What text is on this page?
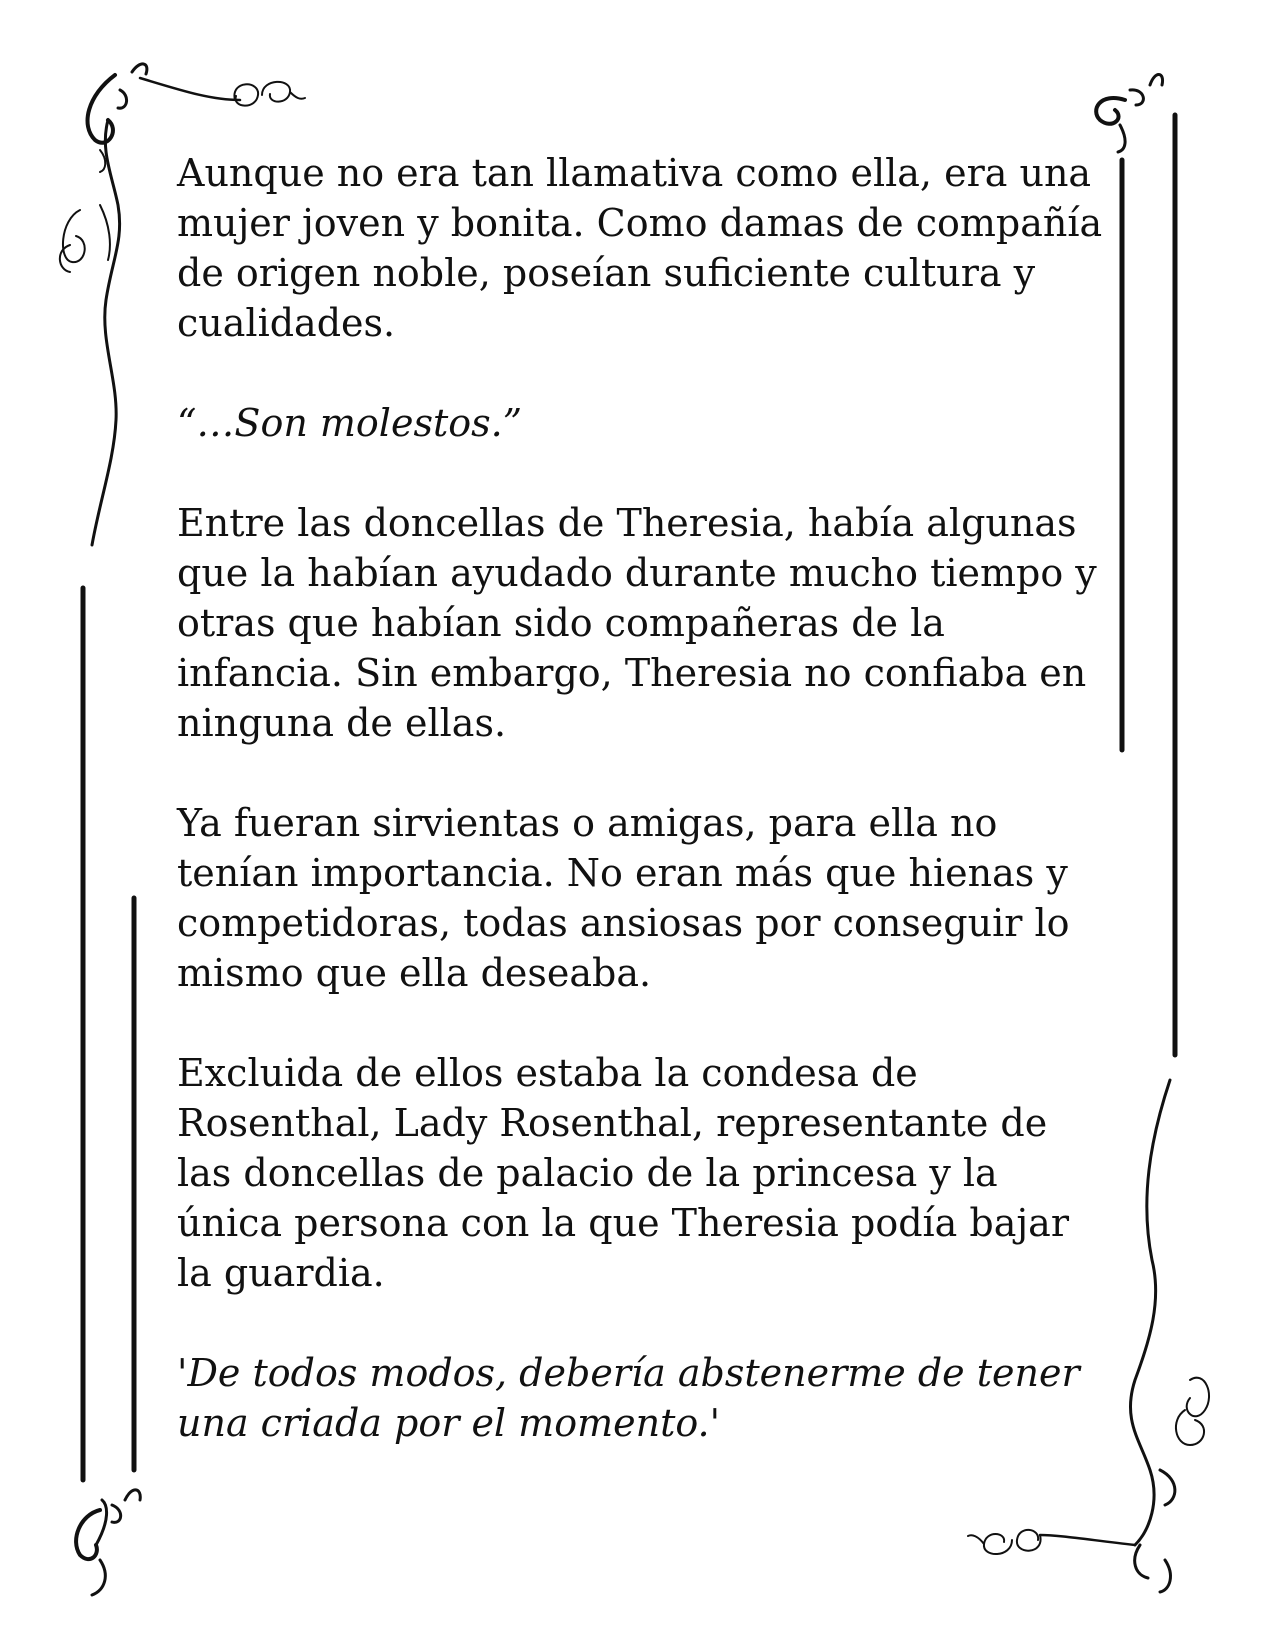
Aunque no era tan llamativa como ella, era una
mujer joven y bonita. Como damas de compañía
de origen noble, poseían suficiente cultura y
cualidades.

“…Son molestos.”

Entre las doncellas de Theresia, había algunas
que la habían ayudado durante mucho tiempo y
otras que habían sido compañeras de la
infancia. Sin embargo, Theresia no confiaba en
ninguna de ellas.

Ya fueran sirvientas o amigas, para ella no
tenían importancia. No eran más que hienas y
competidoras, todas ansiosas por conseguir lo
mismo que ella deseaba.

Excluida de ellos estaba la condesa de
Rosenthal, Lady Rosenthal, representante de
las doncellas de palacio de la princesa y la
única persona con la que Theresia podía bajar
la guardia.

'De todos modos, debería abstenerme de tener
una criada por el momento.'
